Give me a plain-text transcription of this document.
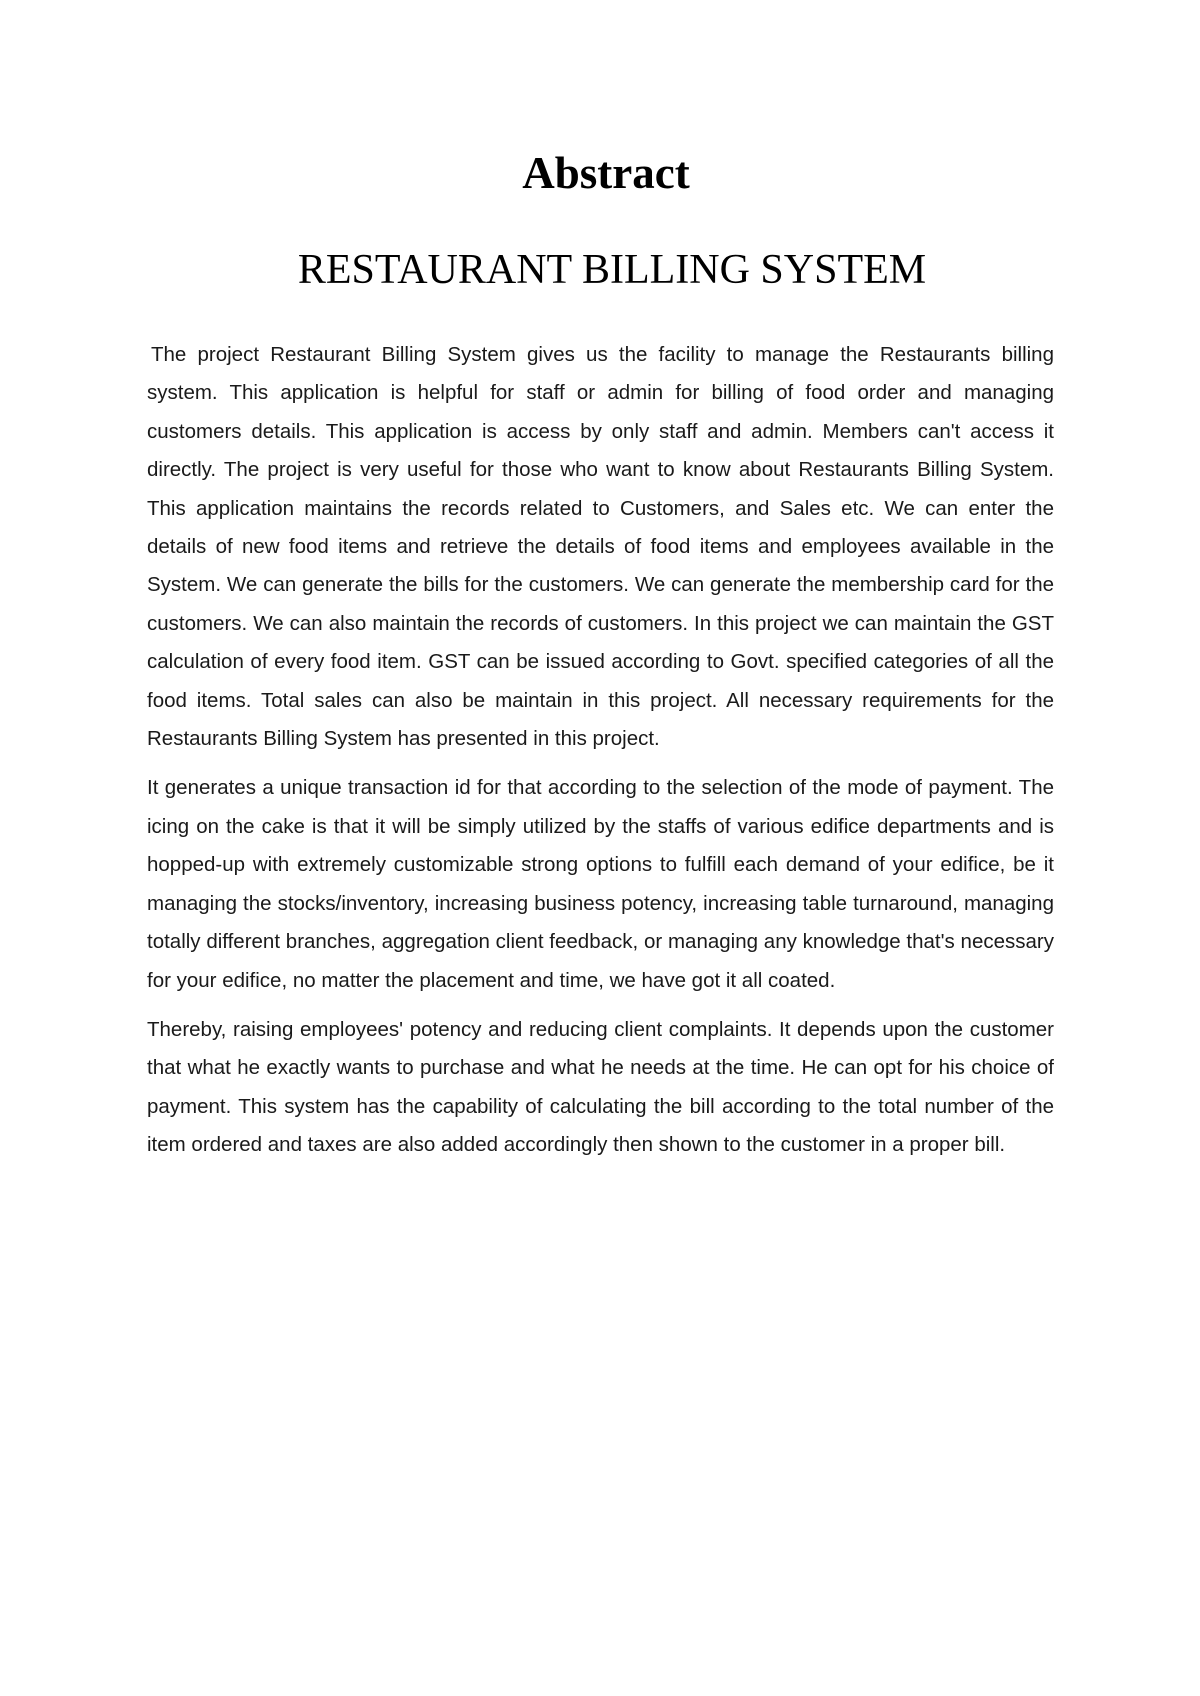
Abstract
RESTAURANT BILLING SYSTEM

The project Restaurant Billing System gives us the facility to manage the Restaurants billing system. This application is helpful for staff or admin for billing of food order and managing customers details. This application is access by only staff and admin. Members can't access it directly. The project is very useful for those who want to know about Restaurants Billing System. This application maintains the records related to Customers, and Sales etc. We can enter the details of new food items and retrieve the details of food items and employees available in the System. We can generate the bills for the customers. We can generate the membership card for the customers. We can also maintain the records of customers. In this project we can maintain the GST calculation of every food item. GST can be issued according to Govt. specified categories of all the food items. Total sales can also be maintain in this project. All necessary requirements for the Restaurants Billing System has presented in this project.

It generates a unique transaction id for that according to the selection of the mode of payment. The icing on the cake is that it will be simply utilized by the staffs of various edifice departments and is hopped-up with extremely customizable strong options to fulfill each demand of your edifice, be it managing the stocks/inventory, increasing business potency, increasing table turnaround, managing totally different branches, aggregation client feedback, or managing any knowledge that's necessary for your edifice, no matter the placement and time, we have got it all coated.

Thereby, raising employees' potency and reducing client complaints. It depends upon the customer that what he exactly wants to purchase and what he needs at the time. He can opt for his choice of payment. This system has the capability of calculating the bill according to the total number of the item ordered and taxes are also added accordingly then shown to the customer in a proper bill.
